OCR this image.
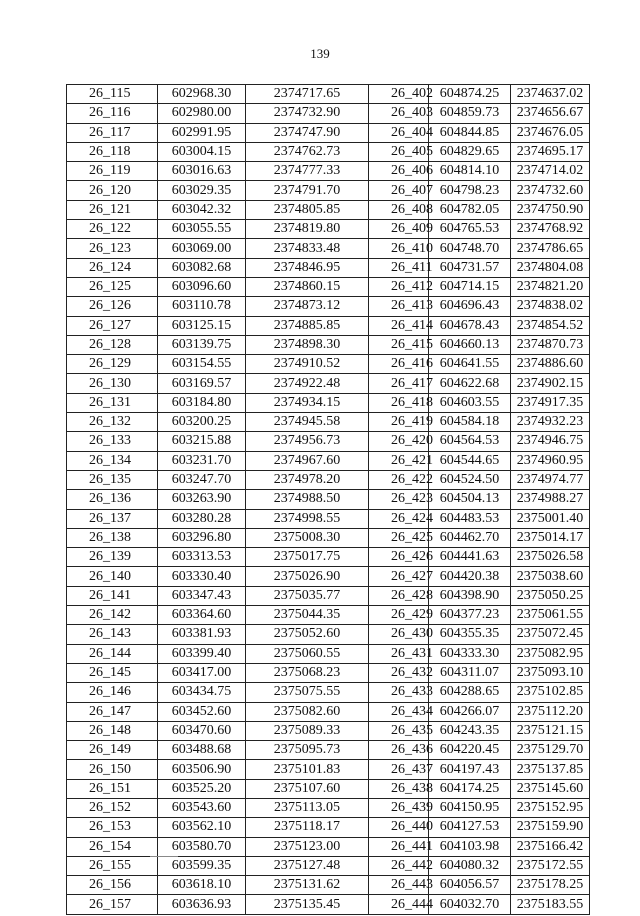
139
26_115	602968.30	2374717.65	26_402	604874.25	2374637.02
26_116	602980.00	2374732.90	26_403	604859.73	2374656.67
26_117	602991.95	2374747.90	26_404	604844.85	2374676.05
26_118	603004.15	2374762.73	26_405	604829.65	2374695.17
26_119	603016.63	2374777.33	26_406	604814.10	2374714.02
26_120	603029.35	2374791.70	26_407	604798.23	2374732.60
26_121	603042.32	2374805.85	26_408	604782.05	2374750.90
26_122	603055.55	2374819.80	26_409	604765.53	2374768.92
26_123	603069.00	2374833.48	26_410	604748.70	2374786.65
26_124	603082.68	2374846.95	26_411	604731.57	2374804.08
26_125	603096.60	2374860.15	26_412	604714.15	2374821.20
26_126	603110.78	2374873.12	26_413	604696.43	2374838.02
26_127	603125.15	2374885.85	26_414	604678.43	2374854.52
26_128	603139.75	2374898.30	26_415	604660.13	2374870.73
26_129	603154.55	2374910.52	26_416	604641.55	2374886.60
26_130	603169.57	2374922.48	26_417	604622.68	2374902.15
26_131	603184.80	2374934.15	26_418	604603.55	2374917.35
26_132	603200.25	2374945.58	26_419	604584.18	2374932.23
26_133	603215.88	2374956.73	26_420	604564.53	2374946.75
26_134	603231.70	2374967.60	26_421	604544.65	2374960.95
26_135	603247.70	2374978.20	26_422	604524.50	2374974.77
26_136	603263.90	2374988.50	26_423	604504.13	2374988.27
26_137	603280.28	2374998.55	26_424	604483.53	2375001.40
26_138	603296.80	2375008.30	26_425	604462.70	2375014.17
26_139	603313.53	2375017.75	26_426	604441.63	2375026.58
26_140	603330.40	2375026.90	26_427	604420.38	2375038.60
26_141	603347.43	2375035.77	26_428	604398.90	2375050.25
26_142	603364.60	2375044.35	26_429	604377.23	2375061.55
26_143	603381.93	2375052.60	26_430	604355.35	2375072.45
26_144	603399.40	2375060.55	26_431	604333.30	2375082.95
26_145	603417.00	2375068.23	26_432	604311.07	2375093.10
26_146	603434.75	2375075.55	26_433	604288.65	2375102.85
26_147	603452.60	2375082.60	26_434	604266.07	2375112.20
26_148	603470.60	2375089.33	26_435	604243.35	2375121.15
26_149	603488.68	2375095.73	26_436	604220.45	2375129.70
26_150	603506.90	2375101.83	26_437	604197.43	2375137.85
26_151	603525.20	2375107.60	26_438	604174.25	2375145.60
26_152	603543.60	2375113.05	26_439	604150.95	2375152.95
26_153	603562.10	2375118.17	26_440	604127.53	2375159.90
26_154	603580.70	2375123.00	26_441	604103.98	2375166.42
26_155	603599.35	2375127.48	26_442	604080.32	2375172.55
26_156	603618.10	2375131.62	26_443	604056.57	2375178.25
26_157	603636.93	2375135.45	26_444	604032.70	2375183.55
